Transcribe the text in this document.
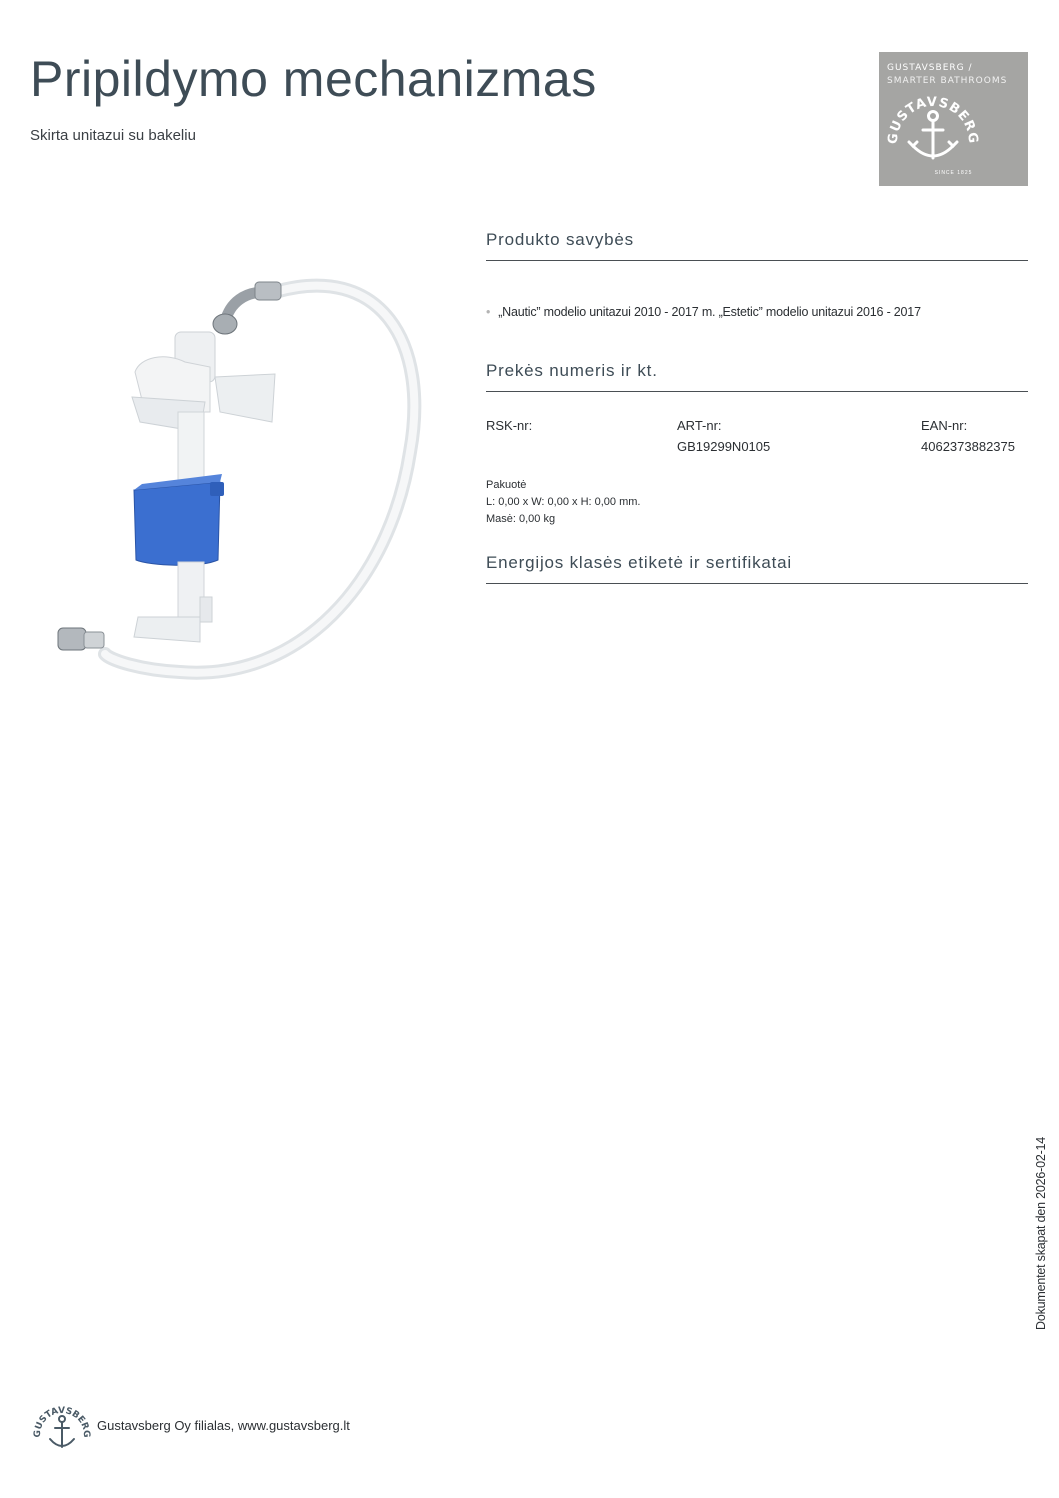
Pripildymo mechanizmas
Skirta unitazui su bakeliu
GUSTAVSBERG /
SMARTER BATHROOMS
GUSTAVSBERG
SINCE 1825
Produkto savybės
• „Nautic” modelio unitazui 2010 - 2017 m. „Estetic” modelio unitazui 2016 - 2017
Prekės numeris ir kt.
RSK-nr:	ART-nr:
GB19299N0105
EAN-nr:
4062373882375
Pakuotė
L: 0,00 x W: 0,00 x H: 0,00 mm.
Masė: 0,00 kg
Energijos klasės etiketė ir sertifikatai
Dokumentet skapat den 2026-02-14
GUSTAVSBERG
Gustavsberg Oy filialas, www.gustavsberg.lt
